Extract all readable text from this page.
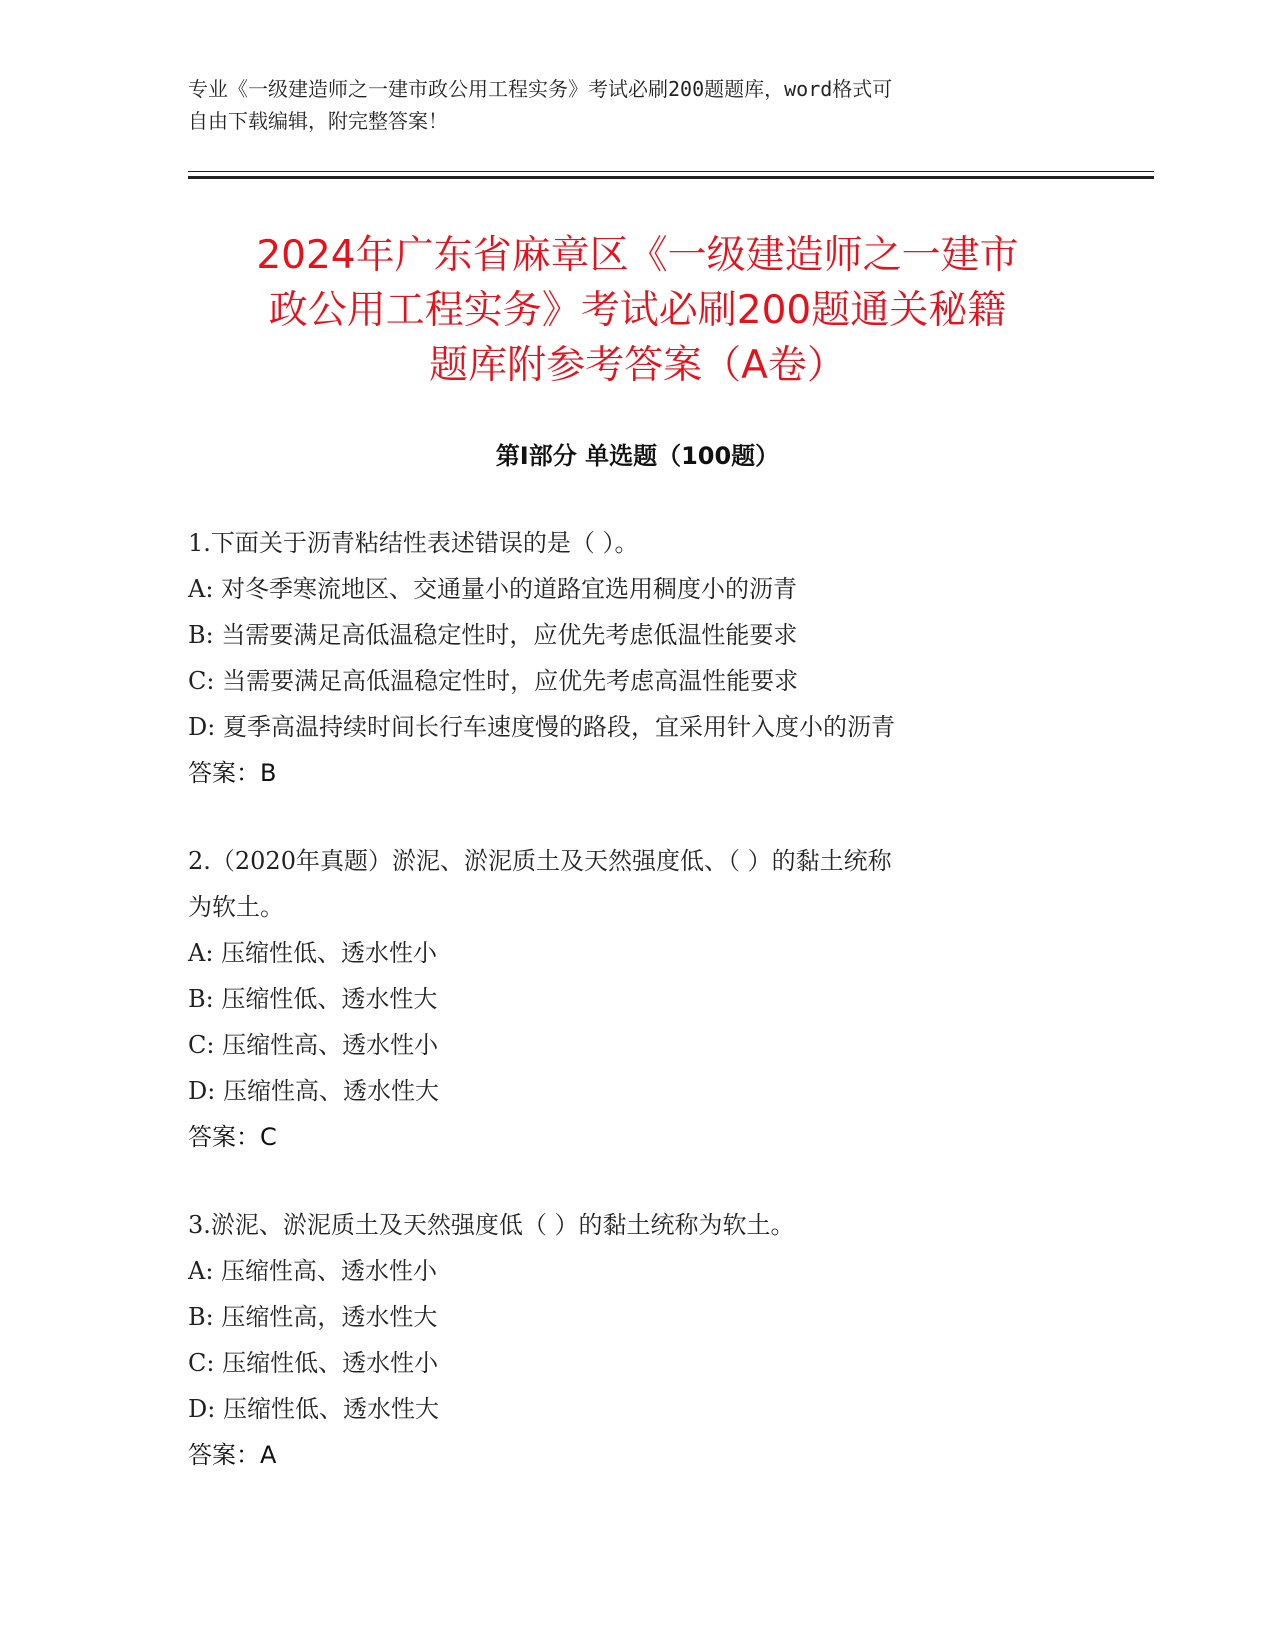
专业《一级建造师之一建市政公用工程实务》考试必刷200题题库，word格式可
自由下载编辑，附完整答案！
2024年广东省麻章区《一级建造师之一建市
政公用工程实务》考试必刷200题通关秘籍
题库附参考答案（A卷）
第Ⅰ部分 单选题（100题）

1.下面关于沥青粘结性表述错误的是（ ）。

A: 对冬季寒流地区、交通量小的道路宜选用稠度小的沥青

B: 当需要满足高低温稳定性时，应优先考虑低温性能要求

C: 当需要满足高低温稳定性时，应优先考虑高温性能要求

D: 夏季高温持续时间长行车速度慢的路段，宜采用针入度小的沥青

答案：B

2.（2020年真题）淤泥、淤泥质土及天然强度低、（ ）的黏土统称

为软土。

A: 压缩性低、透水性小

B: 压缩性低、透水性大

C: 压缩性高、透水性小

D: 压缩性高、透水性大

答案：C

3.淤泥、淤泥质土及天然强度低（ ）的黏土统称为软土。

A: 压缩性高、透水性小

B: 压缩性高，透水性大

C: 压缩性低、透水性小

D: 压缩性低、透水性大

答案：A
